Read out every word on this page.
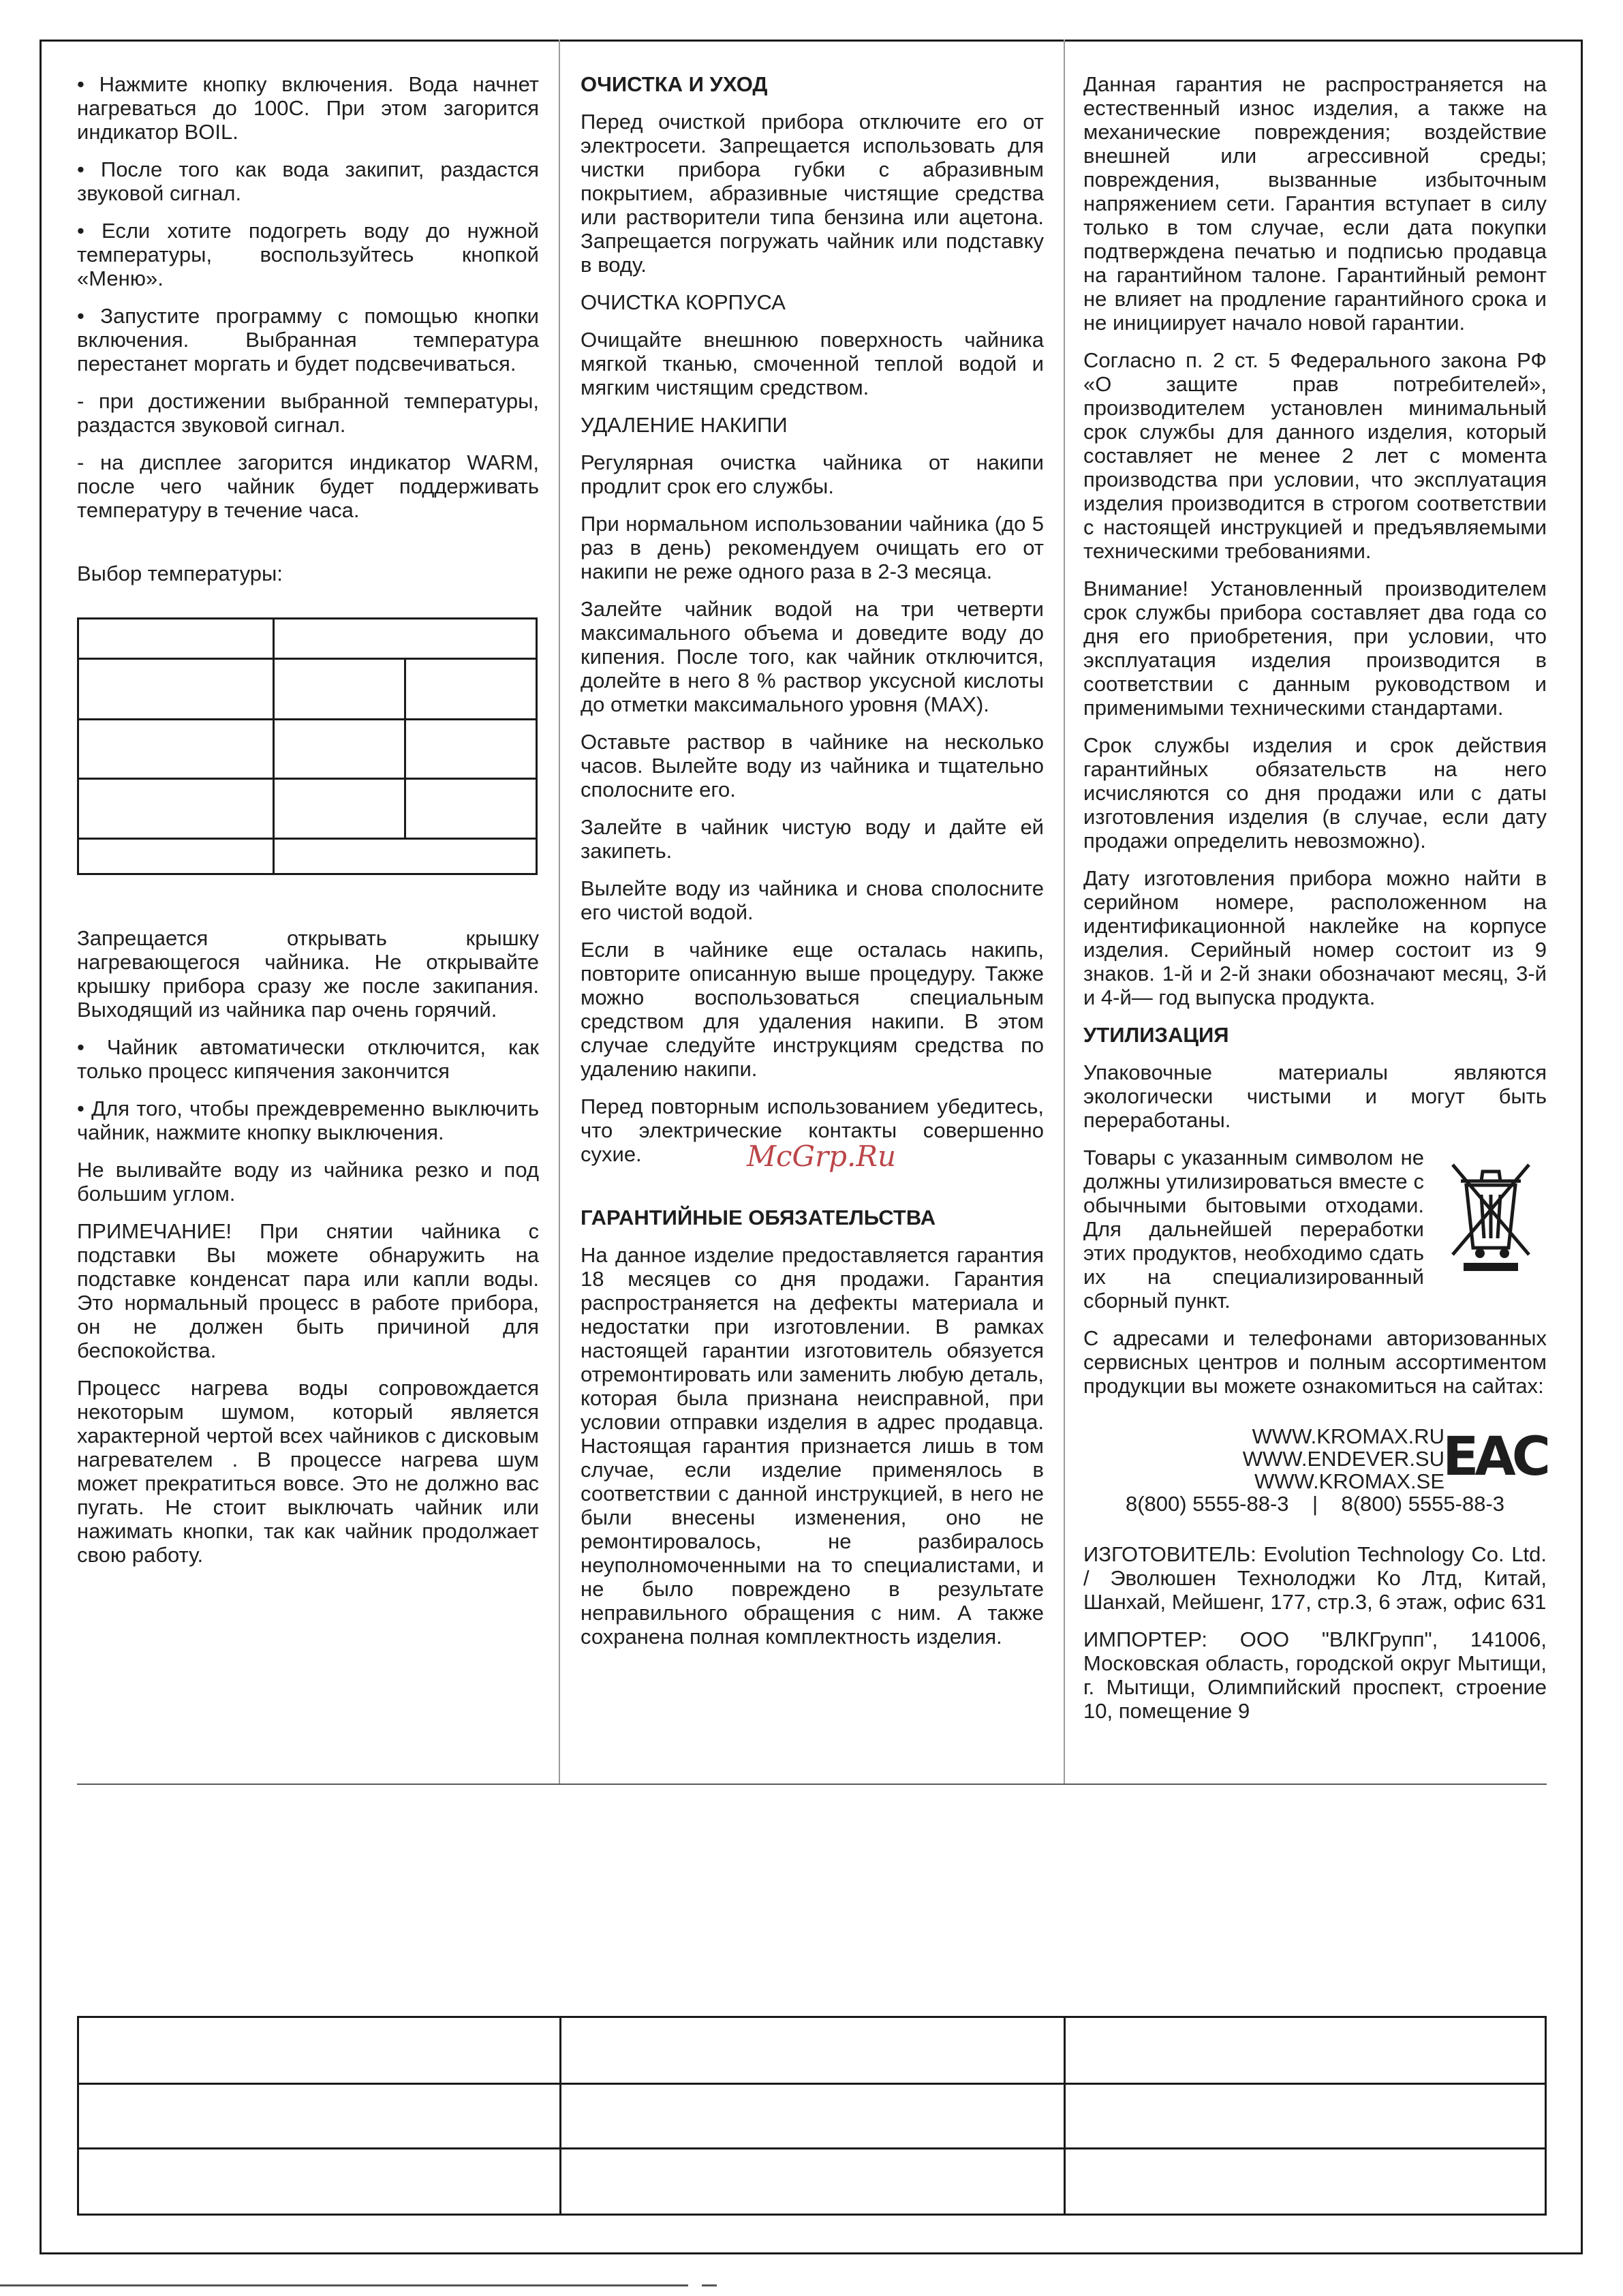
• Нажмите кнопку включения. Вода начнет нагреваться до 100С. При этом загорится индикатор BOIL.

• После того как вода закипит, раздастся звуковой сигнал.

• Если хотите подогреть воду до нужной температуры, воспользуйтесь кнопкой «Меню».

• Запустите программу с помощью кнопки включения. Выбранная температура перестанет моргать и будет подсвечиваться.

- при достижении выбранной температуры, раздастся звуковой сигнал.

- на дисплее загорится индикатор WARM, после чего чайник будет поддерживать температуру в течение часа.

Выбор температуры:

Запрещается открывать крышку нагревающегося чайника. Не открывайте крышку прибора сразу же после закипания. Выходящий из чайника пар очень горячий.

• Чайник автоматически отключится, как только процесс кипячения закончится

• Для того, чтобы преждевременно выключить чайник, нажмите кнопку выключения.

Не выливайте воду из чайника резко и под большим углом.

ПРИМЕЧАНИЕ! При снятии чайника с подставки Вы можете обнаружить на подставке конденсат пара или капли воды. Это нормальный процесс в работе прибора, он не должен быть причиной для беспокойства.

Процесс нагрева воды сопровождается некоторым шумом, который является характерной чертой всех чайников с дисковым нагревателем . В процессе нагрева шум может прекратиться вовсе. Это не должно вас пугать. Не стоит выключать чайник или нажимать кнопки, так как чайник продолжает свою работу.

ОЧИСТКА И УХОД

Перед очисткой прибора отключите его от электросети. Запрещается использовать для чистки прибора губки с абразивным покрытием, абразивные чистящие средства или растворители типа бензина или ацетона. Запрещается погружать чайник или подставку в воду.

ОЧИСТКА КОРПУСА

Очищайте внешнюю поверхность чайника мягкой тканью, смоченной теплой водой и мягким чистящим средством.

УДАЛЕНИЕ НАКИПИ

Регулярная очистка чайника от накипи продлит срок его службы.

При нормальном использовании чайника (до 5 раз в день) рекомендуем очищать его от накипи не реже одного раза в 2-3 месяца.

Залейте чайник водой на три четверти максимального объема и доведите воду до кипения. После того, как чайник отключится, долейте в него 8 % раствор уксусной кислоты до отметки максимального уровня (MAX).

Оставьте раствор в чайнике на несколько часов. Вылейте воду из чайника и тщательно сполосните его.

Залейте в чайник чистую воду и дайте ей закипеть.

Вылейте воду из чайника и снова сполосните его чистой водой.

Если в чайнике еще осталась накипь, повторите описанную выше процедуру. Также можно воспользоваться специальным средством для удаления накипи. В этом случае следуйте инструкциям средства по удалению накипи.

Перед повторным использованием убедитесь, что электрические контакты совершенно сухие.

ГАРАНТИЙНЫЕ ОБЯЗАТЕЛЬСТВА

На данное изделие предоставляется гарантия 18 месяцев со дня продажи. Гарантия распространяется на дефекты материала и недостатки при изготовлении. В рамках настоящей гарантии изготовитель обязуется отремонтировать или заменить любую деталь, которая была признана неисправной, при условии отправки изделия в адрес продавца. Настоящая гарантия признается лишь в том случае, если изделие применялось в соответствии с данной инструкцией, в него не были внесены изменения, оно не ремонтировалось, не разбиралось неуполномоченными на то специалистами, и не было повреждено в результате неправильного обращения с ним. А также сохранена полная комплектность изделия.

Данная гарантия не распространяется на естественный износ изделия, а также на механические повреждения; воздействие внешней или агрессивной среды; повреждения, вызванные избыточным напряжением сети. Гарантия вступает в силу только в том случае, если дата покупки подтверждена печатью и подписью продавца на гарантийном талоне. Гарантийный ремонт не влияет на продление гарантийного срока и не инициирует начало новой гарантии.

Согласно п. 2 ст. 5 Федерального закона РФ «О защите прав потребителей», производителем установлен минимальный срок службы для данного изделия, который составляет не менее 2 лет с момента производства при условии, что эксплуатация изделия производится в строгом соответствии с настоящей инструкцией и предъявляемыми техническими требованиями.

Внимание! Установленный производителем срок службы прибора составляет два года со дня его приобретения, при условии, что эксплуатация изделия производится в соответствии с данным руководством и применимыми техническими стандартами.

Срок службы изделия и срок действия гарантийных обязательств на него исчисляются со дня продажи или с даты изготовления изделия (в случае, если дату продажи определить невозможно).

Дату изготовления прибора можно найти в серийном номере, расположенном на идентификационной наклейке на корпусе изделия. Серийный номер состоит из 9 знаков. 1-й и 2-й знаки обозначают месяц, 3-й и 4-й— год выпуска продукта.

УТИЛИЗАЦИЯ

Упаковочные материалы являются экологически чистыми и могут быть переработаны.

Товары с указанным символом не должны утилизироваться вместе с обычными бытовыми отходами. Для дальнейшей переработки этих продуктов, необходимо сдать их на специализированный сборный пункт.

С адресами и телефонами авторизованных сервисных центров и полным ассортиментом продукции вы можете ознакомиться на сайтах:

WWW.KROMAX.RU
WWW.ENDEVER.SU
WWW.KROMAX.SE
8(800) 5555-88-3    |    8(800) 5555-88-3
EAC

ИЗГОТОВИТЕЛЬ: Evolution Technology Co. Ltd. / Эволюшен Технолоджи Ко Лтд, Китай, Шанхай, Мейшенг, 177, стр.3, 6 этаж, офис 631

ИМПОРТЕР: ООО "ВЛКГрупп", 141006, Московская область, городской округ Мытищи, г. Мытищи, Олимпийский проспект, строение 10, помещение 9

McGrp.Ru
